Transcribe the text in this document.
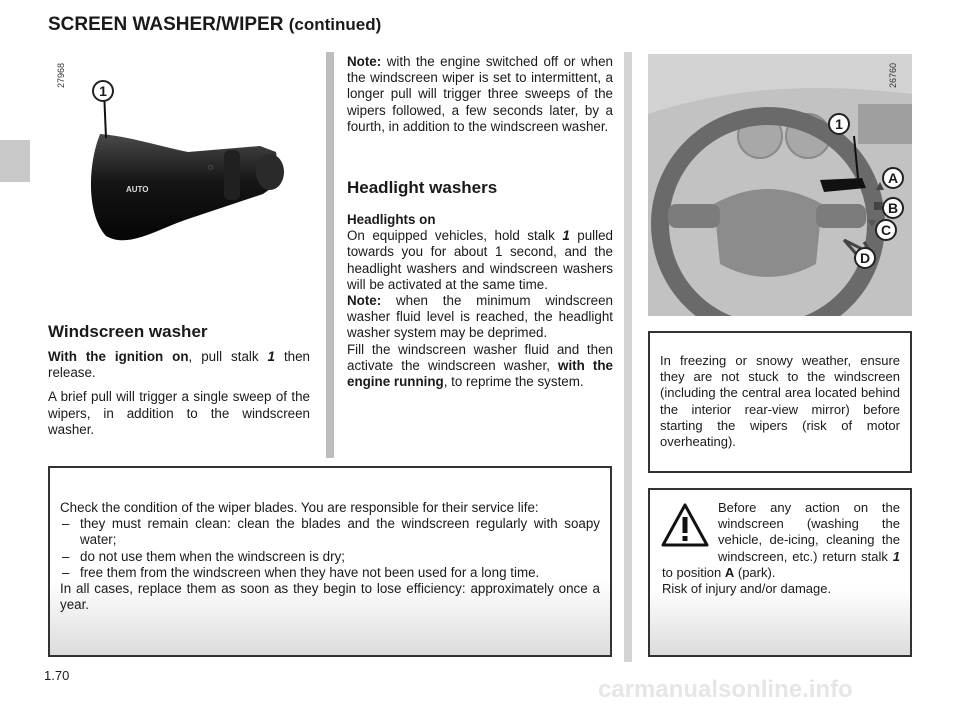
SCREEN WASHER/WIPER (continued)
27968
AUTO
◌
1
Windscreen washer

With the ignition on, pull stalk 1 then release.

A brief pull will trigger a single sweep of the wipers, in addition to the windscreen washer.

Note: with the engine switched off or when the windscreen wiper is set to intermittent, a longer pull will trigger three sweeps of the wipers followed, a few seconds later, by a fourth, in addition to the windscreen washer.

Headlight washers

Headlights on

On equipped vehicles, hold stalk 1 pulled towards you for about 1 second, and the headlight washers and windscreen washers will be activated at the same time.

Note: when the minimum windscreen washer fluid level is reached, the headlight washer system may be deprimed.

Fill the windscreen washer fluid and then activate the windscreen washer, with the engine running, to reprime the system.

26760
1
A
B
C
D
In freezing or snowy weather, ensure they are not stuck to the windscreen (including the central area located behind the interior rear-view mirror) before starting the wipers (risk of motor overheating).

Check the condition of the wiper blades. You are responsible for their service life:

– they must remain clean: clean the blades and the windscreen regularly with soapy water;
– do not use them when the windscreen is dry;
– free them from the windscreen when they have not been used for a long time.

In all cases, replace them as soon as they begin to lose efficiency: approximately once a year.

Before any action on the windscreen (washing the vehicle, de-icing, cleaning the windscreen, etc.) return stalk 1 to position A (park).
Risk of injury and/or damage.
1.70
carmanualsonline.info
